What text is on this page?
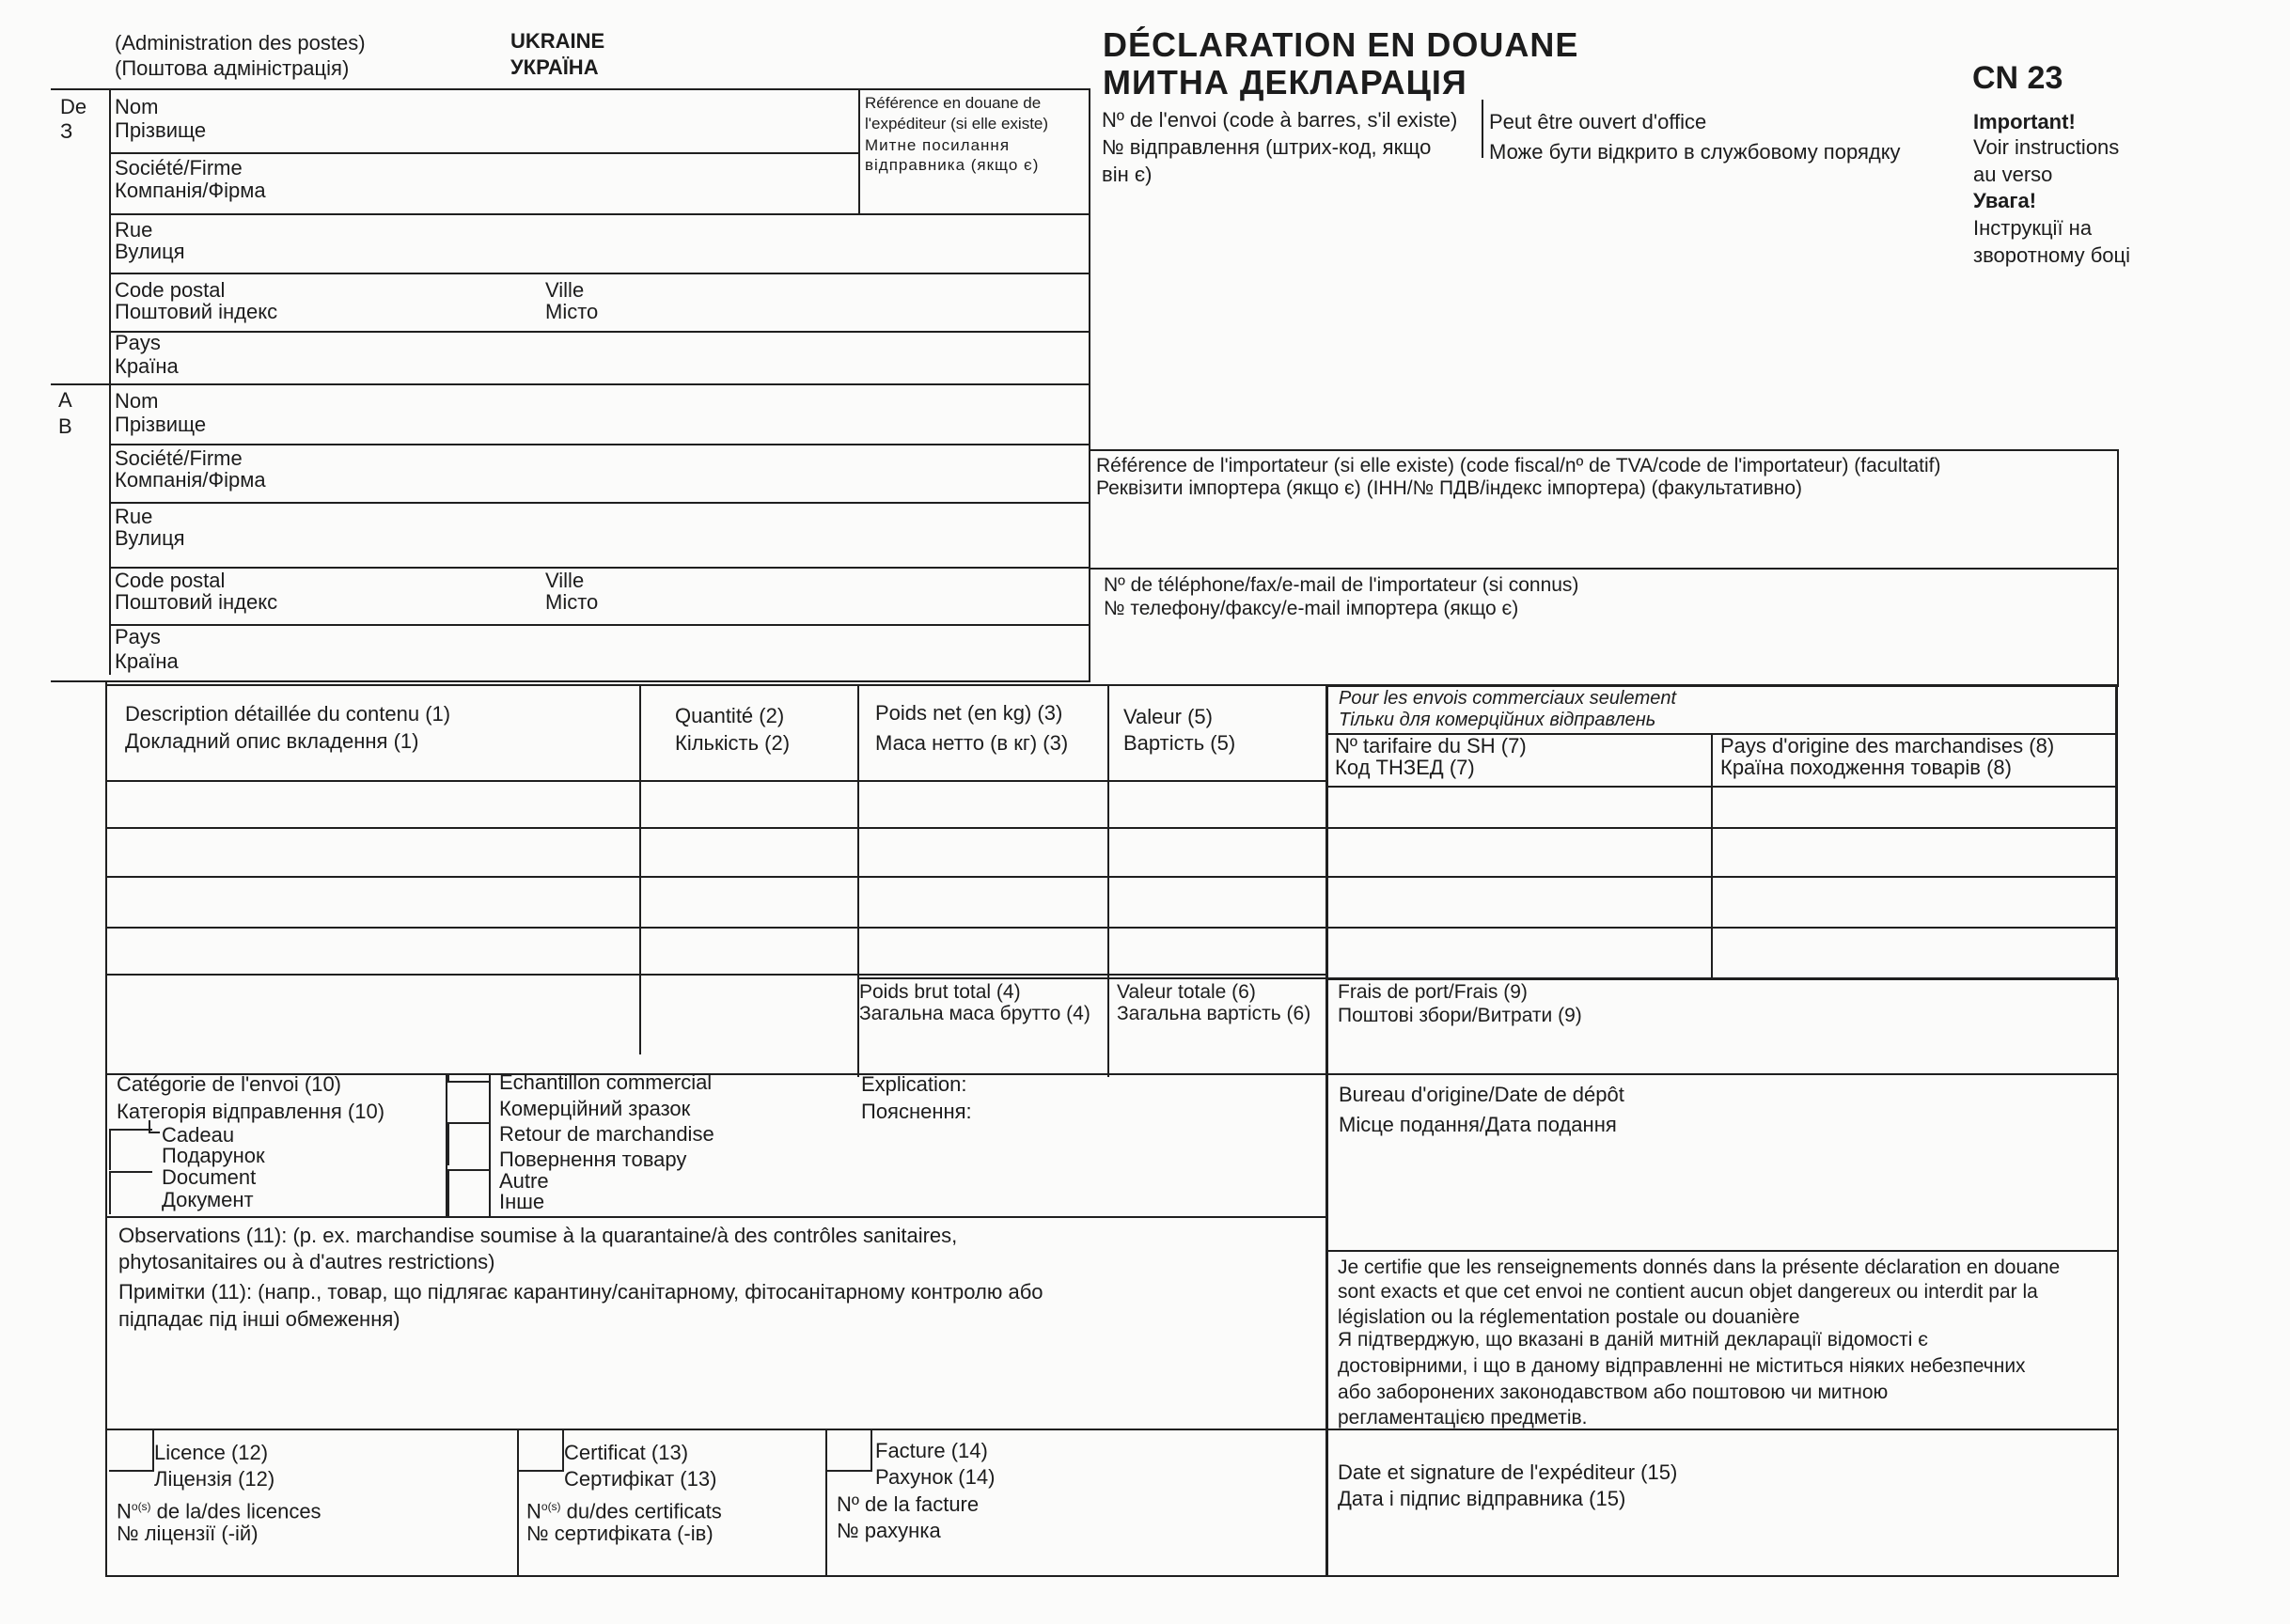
(Administration des postes)
(Поштова адміністрація)
UKRAINE
УКРАЇНА
DÉCLARATION EN DOUANE
МИТНА ДЕКЛАРАЦІЯ	CN 23
Important!
Voir instructions
au verso
Увага!
Інструкції на
зворотному боці
De
З
Nom
Прізвище
Référence en douane de
l'expéditeur (si elle existe)
Митне посилання
відправника (якщо є)
Société/Firme
Компанія/Фірма
Rue
Вулиця
Code postal
Поштовий індекс
Ville
Місто
Pays
Країна
A
В
Nom
Прізвище
Société/Firme
Компанія/Фірма
Rue
Вулиця
Code postal
Поштовий індекс
Ville
Місто
Pays
Країна
Nº de l'envoi (code à barres, s'il existe)
№ відправлення (штрих-код, якщо
він є)
Peut être ouvert d'office
Може бути відкрито в службовому порядку
Référence de l'importateur (si elle existe) (code fiscal/nº de TVA/code de l'importateur) (facultatif)
Реквізити імпортера (якщо є) (ІНН/№ ПДВ/індекс імпортера) (факультативно)
Nº de téléphone/fax/e-mail de l'importateur (si connus)
№ телефону/факсу/e-mail імпортера (якщо є)
Description détaillée du contenu (1)
Докладний опис вкладення (1)
Quantité (2)
Кількість (2)
Poids net (en kg) (3)
Маса нетто (в кг) (3)
Valeur (5)
Вартість (5)
Pour les envois commerciaux seulement
Тільки для комерційних відправлень
Nº tarifaire du SH (7)
Код ТНЗЕД (7)
Pays d'origine des marchandises (8)
Країна походження товарів (8)
Poids brut total (4)
Загальна маса брутто (4)
Valeur totale (6)
Загальна вартість (6)
Frais de port/Frais (9)
Поштові збори/Витрати (9)
Catégorie de l'envoi (10)
Категорія відправлення (10)
Cadeau
Подарунок
Document
Документ
Echantillon commercial
Комерційний зразок
Retour de marchandise
Повернення товару
Autre
Інше
Explication:
Пояснення:
Bureau d'origine/Date de dépôt
Місце подання/Дата подання
Observations (11): (p. ex. marchandise soumise à la quarantaine/à des contrôles sanitaires,
phytosanitaires ou à d'autres restrictions)
Примітки (11): (напр., товар, що підлягає карантину/санітарному, фітосанітарному контролю або
підпадає під інші обмеження)
Je certifie que les renseignements donnés dans la présente déclaration en douane
sont exacts et que cet envoi ne contient aucun objet dangereux ou interdit par la
législation ou la réglementation postale ou douanière
Я підтверджую, що вказані в даній митній декларації відомості є
достовірними, і що в даному відправленні не міститься ніяких небезпечних
або заборонених законодавством або поштовою чи митною
регламентацією предметів.
Licence (12)
Ліцензія (12)
$N^{o(s)}$ de la/des licences
№ ліцензії (-ій)
Certificat (13)
Сертифікат (13)
$N^{o(s)}$ du/des certificats
№ сертифіката (-ів)
Facture (14)
Рахунок (14)
Nº de la facture
№ рахунка
Date et signature de l'expéditeur (15)
Дата і підпис відправника (15)
